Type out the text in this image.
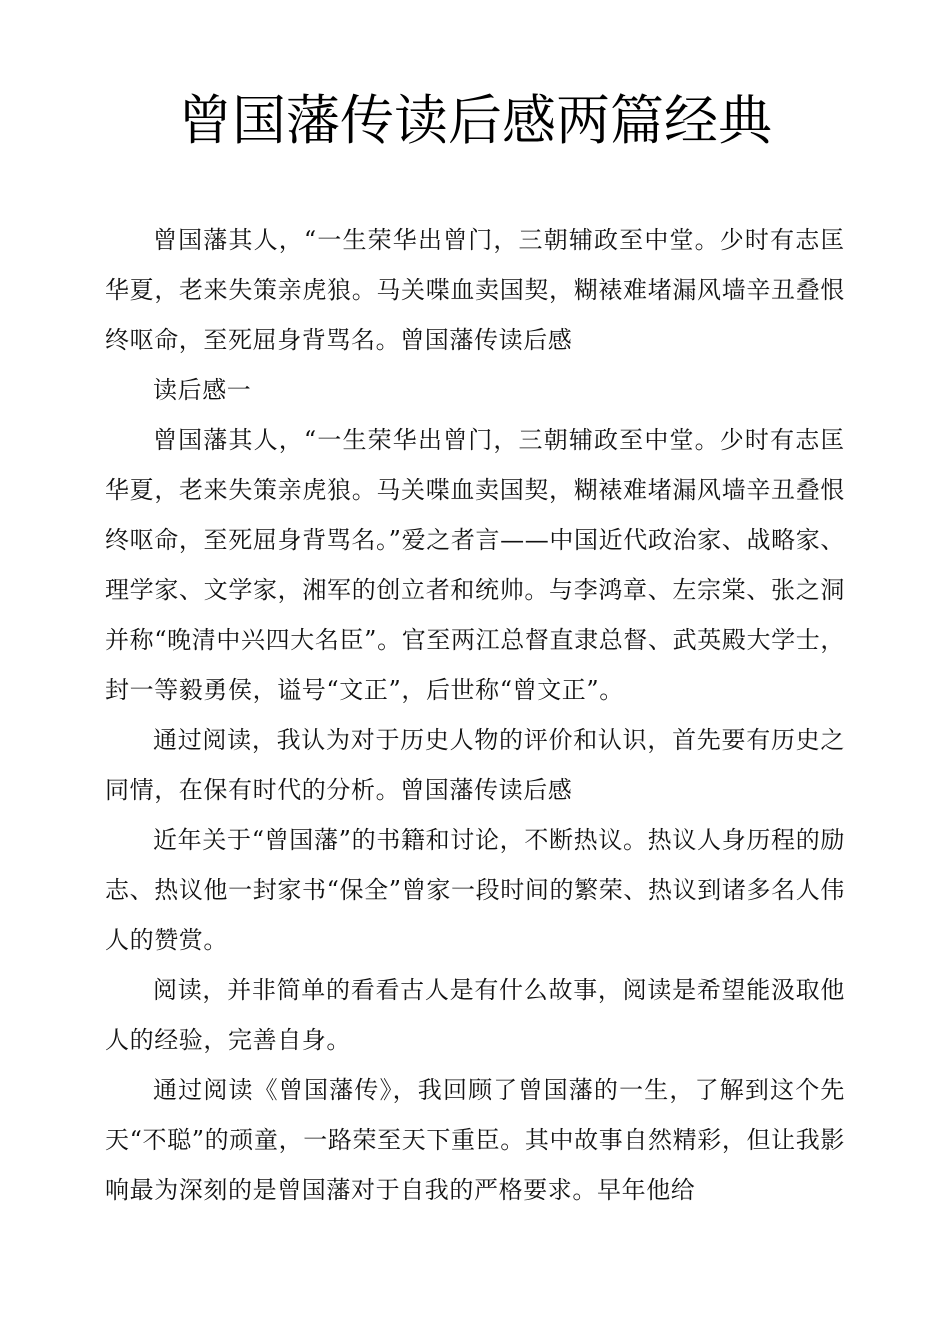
曾国藩传读后感两篇经典

曾国藩其人，“一生荣华出曾门，三朝辅政至中堂。少时有志匡华夏，老来失策亲虎狼。马关喋血卖国契，糊裱难堵漏风墙辛丑叠恨终呕命，至死屈身背骂名。曾国藩传读后感

读后感一

曾国藩其人，“一生荣华出曾门，三朝辅政至中堂。少时有志匡华夏，老来失策亲虎狼。马关喋血卖国契，糊裱难堵漏风墙辛丑叠恨终呕命，至死屈身背骂名。”爱之者言——中国近代政治家、战略家、理学家、文学家，湘军的创立者和统帅。与李鸿章、左宗棠、张之洞并称“晚清中兴四大名臣”。官至两江总督直隶总督、武英殿大学士，封一等毅勇侯，谥号“文正”，后世称“曾文正”。

通过阅读，我认为对于历史人物的评价和认识，首先要有历史之同情，在保有时代的分析。曾国藩传读后感

近年关于“曾国藩”的书籍和讨论，不断热议。热议人身历程的励志、热议他一封家书“保全”曾家一段时间的繁荣、热议到诸多名人伟人的赞赏。

阅读，并非简单的看看古人是有什么故事，阅读是希望能汲取他人的经验，完善自身。

通过阅读《曾国藩传》，我回顾了曾国藩的一生，了解到这个先天“不聪”的顽童，一路荣至天下重臣。其中故事自然精彩，但让我影响最为深刻的是曾国藩对于自我的严格要求。早年他给
